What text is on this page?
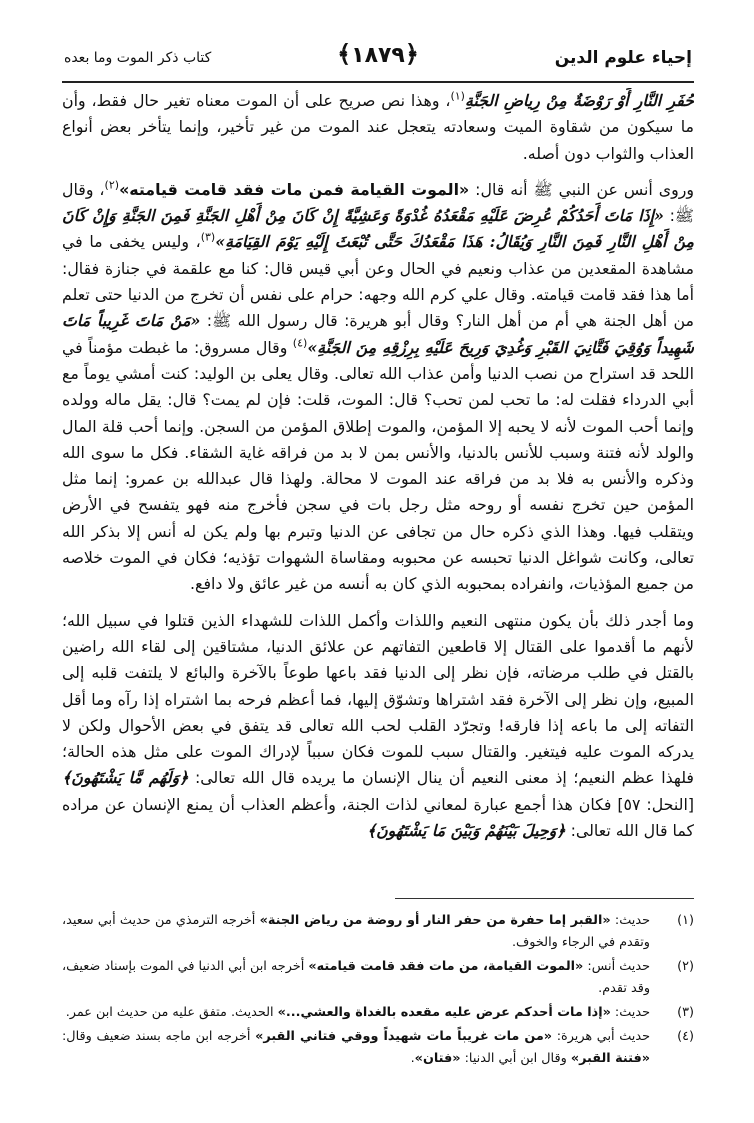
إحياء علوم الدين
﴿١٨٧٩﴾
كتاب ذكر الموت وما بعده

حُفَرِ النَّارِ أَوْ رَوْضَةٌ مِنْ رِياضِ الجَنَّةِ$^{(١)}$، وهذا نص صريح على أن الموت معناه تغير حال فقط، وأن ما سيكون من شقاوة الميت وسعادته يتعجل عند الموت من غير تأخير، وإنما يتأخر بعض أنواع العذاب والثواب دون أصله.

وروى أنس عن النبي ﷺ أنه قال: «الموت القيامة فمن مات فقد قامت قيامته»$^{(٢)}$، وقال ﷺ: «إِذَا مَاتَ أَحَدُكُمْ عُرِضَ عَلَيْهِ مَقْعَدُهُ غُدْوَةً وَعَشِيَّةً إِنْ كَانَ مِنْ أَهْلِ الجَنَّةِ فَمِنَ الجَنَّةِ وَإِنْ كَانَ مِنْ أَهْلِ النَّارِ فَمِنَ النَّارِ وَيُقَالُ: هَذَا مَقْعَدُكَ حَتَّى تُبْعَثَ إِلَيْهِ يَوْمَ القِيَامَةِ»$^{(٣)}$، وليس يخفى ما في مشاهدة المقعدين من عذاب ونعيم في الحال وعن أبي قيس قال: كنا مع علقمة في جنازة فقال: أما هذا فقد قامت قيامته. وقال علي كرم الله وجهه: حرام على نفس أن تخرج من الدنيا حتى تعلم من أهل الجنة هي أم من أهل النار؟ وقال أبو هريرة: قال رسول الله ﷺ: «مَنْ مَاتَ غَرِيباً مَاتَ شَهِيداً وَوُقِيَ فَتَّانِيَ القَبْرِ وَغُدِيَ وَرِيحَ عَلَيْهِ بِرِزْقِهِ مِنَ الجَنَّةِ»$^{(٤)}$ وقال مسروق: ما غبطت مؤمناً في اللحد قد استراح من نصب الدنيا وأمن عذاب الله تعالى. وقال يعلى بن الوليد: كنت أمشي يوماً مع أبي الدرداء فقلت له: ما تحب لمن تحب؟ قال: الموت، قلت: فإن لم يمت؟ قال: يقل ماله وولده وإنما أحب الموت لأنه لا يحبه إلا المؤمن، والموت إطلاق المؤمن من السجن. وإنما أحب قلة المال والولد لأنه فتنة وسبب للأنس بالدنيا، والأنس بمن لا بد من فراقه غاية الشقاء. فكل ما سوى الله وذكره والأنس به فلا بد من فراقه عند الموت لا محالة. ولهذا قال عبدالله بن عمرو: إنما مثل المؤمن حين تخرج نفسه أو روحه مثل رجل بات في سجن فأخرج منه فهو يتفسح في الأرض ويتقلب فيها. وهذا الذي ذكره حال من تجافى عن الدنيا وتبرم بها ولم يكن له أنس إلا بذكر الله تعالى، وكانت شواغل الدنيا تحبسه عن محبوبه ومقاساة الشهوات تؤذيه؛ فكان في الموت خلاصه من جميع المؤذيات، وانفراده بمحبوبه الذي كان به أنسه من غير عائق ولا دافع.

وما أجدر ذلك بأن يكون منتهى النعيم واللذات وأكمل اللذات للشهداء الذين قتلوا في سبيل الله؛ لأنهم ما أقدموا على القتال إلا قاطعين التفاتهم عن علائق الدنيا، مشتاقين إلى لقاء الله راضين بالقتل في طلب مرضاته، فإن نظر إلى الدنيا فقد باعها طوعاً بالآخرة والبائع لا يلتفت قلبه إلى المبيع، وإن نظر إلى الآخرة فقد اشتراها وتشوّق إليها، فما أعظم فرحه بما اشتراه إذا رآه وما أقل التفاته إلى ما باعه إذا فارقه! وتجرّد القلب لحب الله تعالى قد يتفق في بعض الأحوال ولكن لا يدركه الموت عليه فيتغير. والقتال سبب للموت فكان سبباً لإدراك الموت على مثل هذه الحالة؛ فلهذا عظم النعيم؛ إذ معنى النعيم أن ينال الإنسان ما يريده قال الله تعالى: ﴿وَلَهُم مَّا يَشْتَهُونَ﴾ [النحل: ٥٧] فكان هذا أجمع عبارة لمعاني لذات الجنة، وأعظم العذاب أن يمنع الإنسان عن مراده كما قال الله تعالى: ﴿وَحِيلَ بَيْنَهُمْ وَبَيْنَ مَا يَشْتَهُونَ﴾

(١)
حديث: «القبر إما حفرة من حفر النار أو روضة من رياض الجنة» أخرجه الترمذي من حديث أبي سعيد، وتقدم في الرجاء والخوف.
(٢)
حديث أنس: «الموت القيامة، من مات فقد قامت قيامته» أخرجه ابن أبي الدنيا في الموت بإسناد ضعيف، وقد تقدم.
(٣)
حديث: «إذا مات أحدكم عرض عليه مقعده بالغداة والعشي...» الحديث. متفق عليه من حديث ابن عمر.
(٤)
حديث أبي هريرة: «من مات غريباً مات شهيداً ووقي فتاني القبر» أخرجه ابن ماجه بسند ضعيف وقال: «فتنة القبر» وقال ابن أبي الدنيا: «فتان».
